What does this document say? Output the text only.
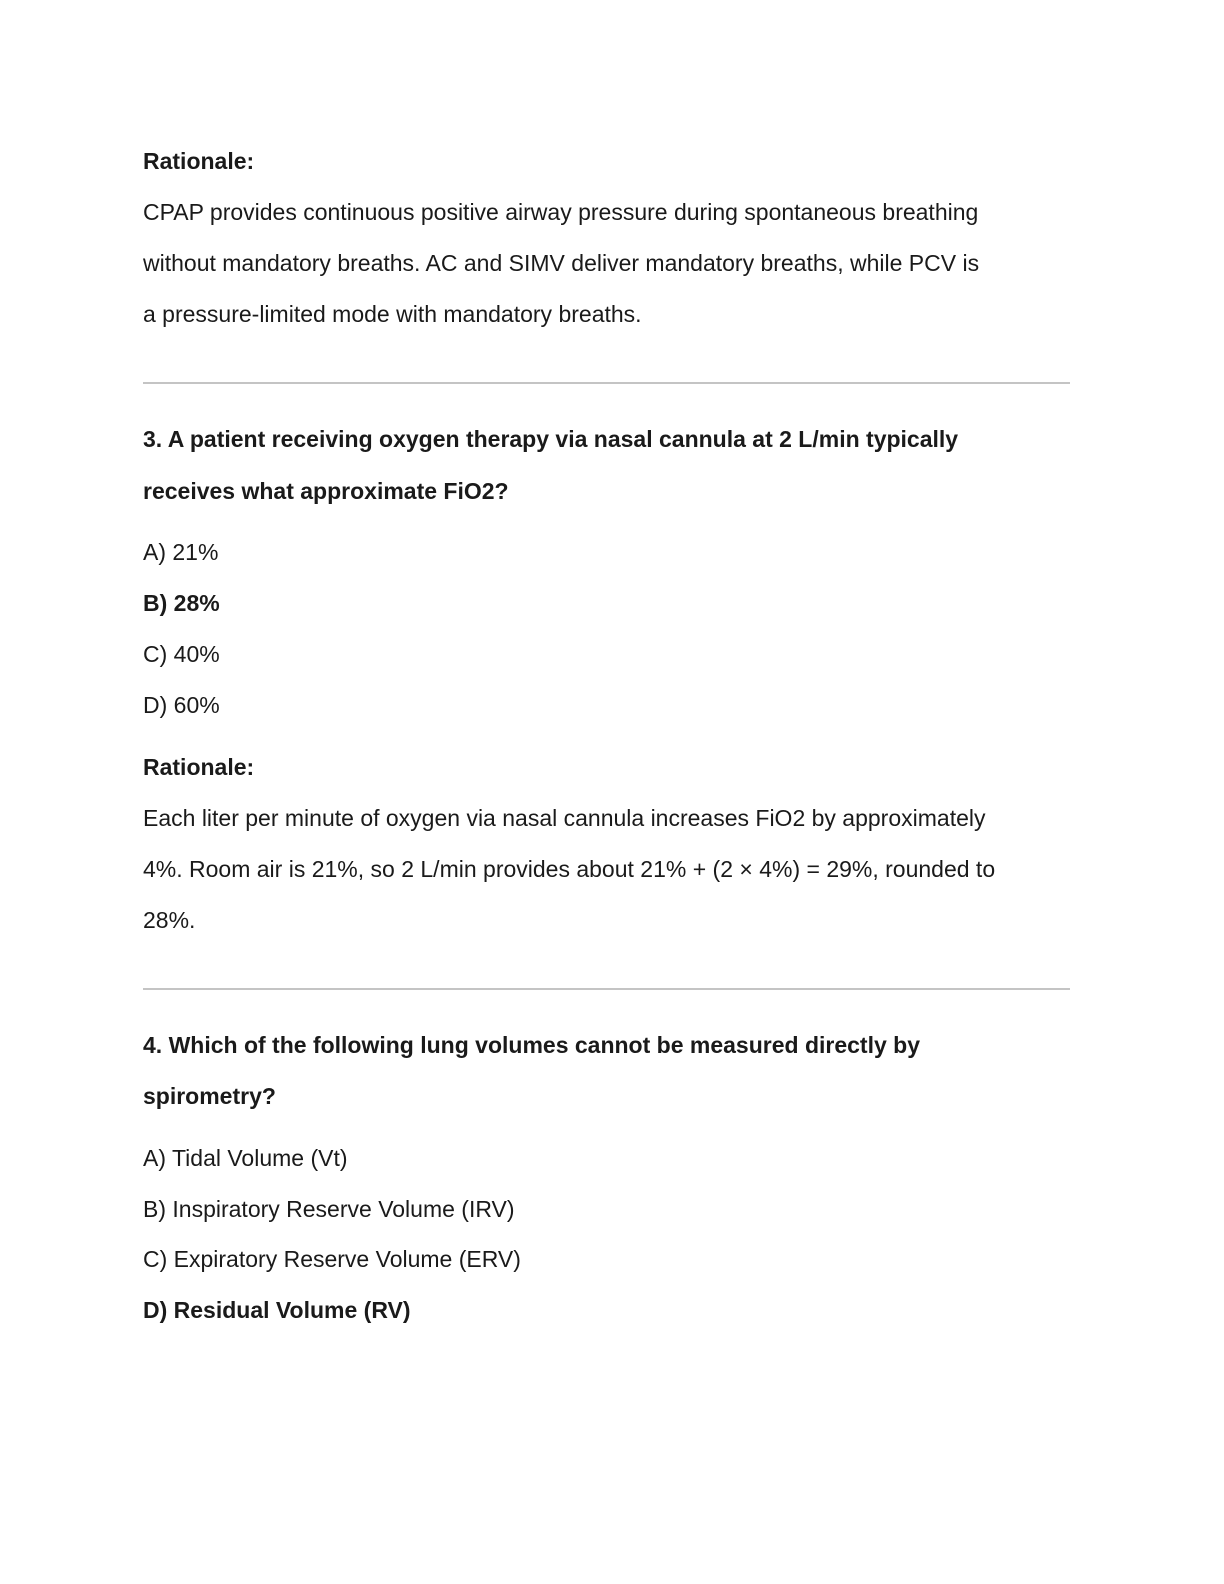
Rationale:
CPAP provides continuous positive airway pressure during spontaneous breathing
without mandatory breaths. AC and SIMV deliver mandatory breaths, while PCV is
a pressure-limited mode with mandatory breaths.
3. A patient receiving oxygen therapy via nasal cannula at 2 L/min typically
receives what approximate FiO2?
A) 21%
B) 28%
C) 40%
D) 60%
Rationale:
Each liter per minute of oxygen via nasal cannula increases FiO2 by approximately
4%. Room air is 21%, so 2 L/min provides about 21% + (2 × 4%) = 29%, rounded to
28%.
4. Which of the following lung volumes cannot be measured directly by
spirometry?
A) Tidal Volume (Vt)
B) Inspiratory Reserve Volume (IRV)
C) Expiratory Reserve Volume (ERV)
D) Residual Volume (RV)
